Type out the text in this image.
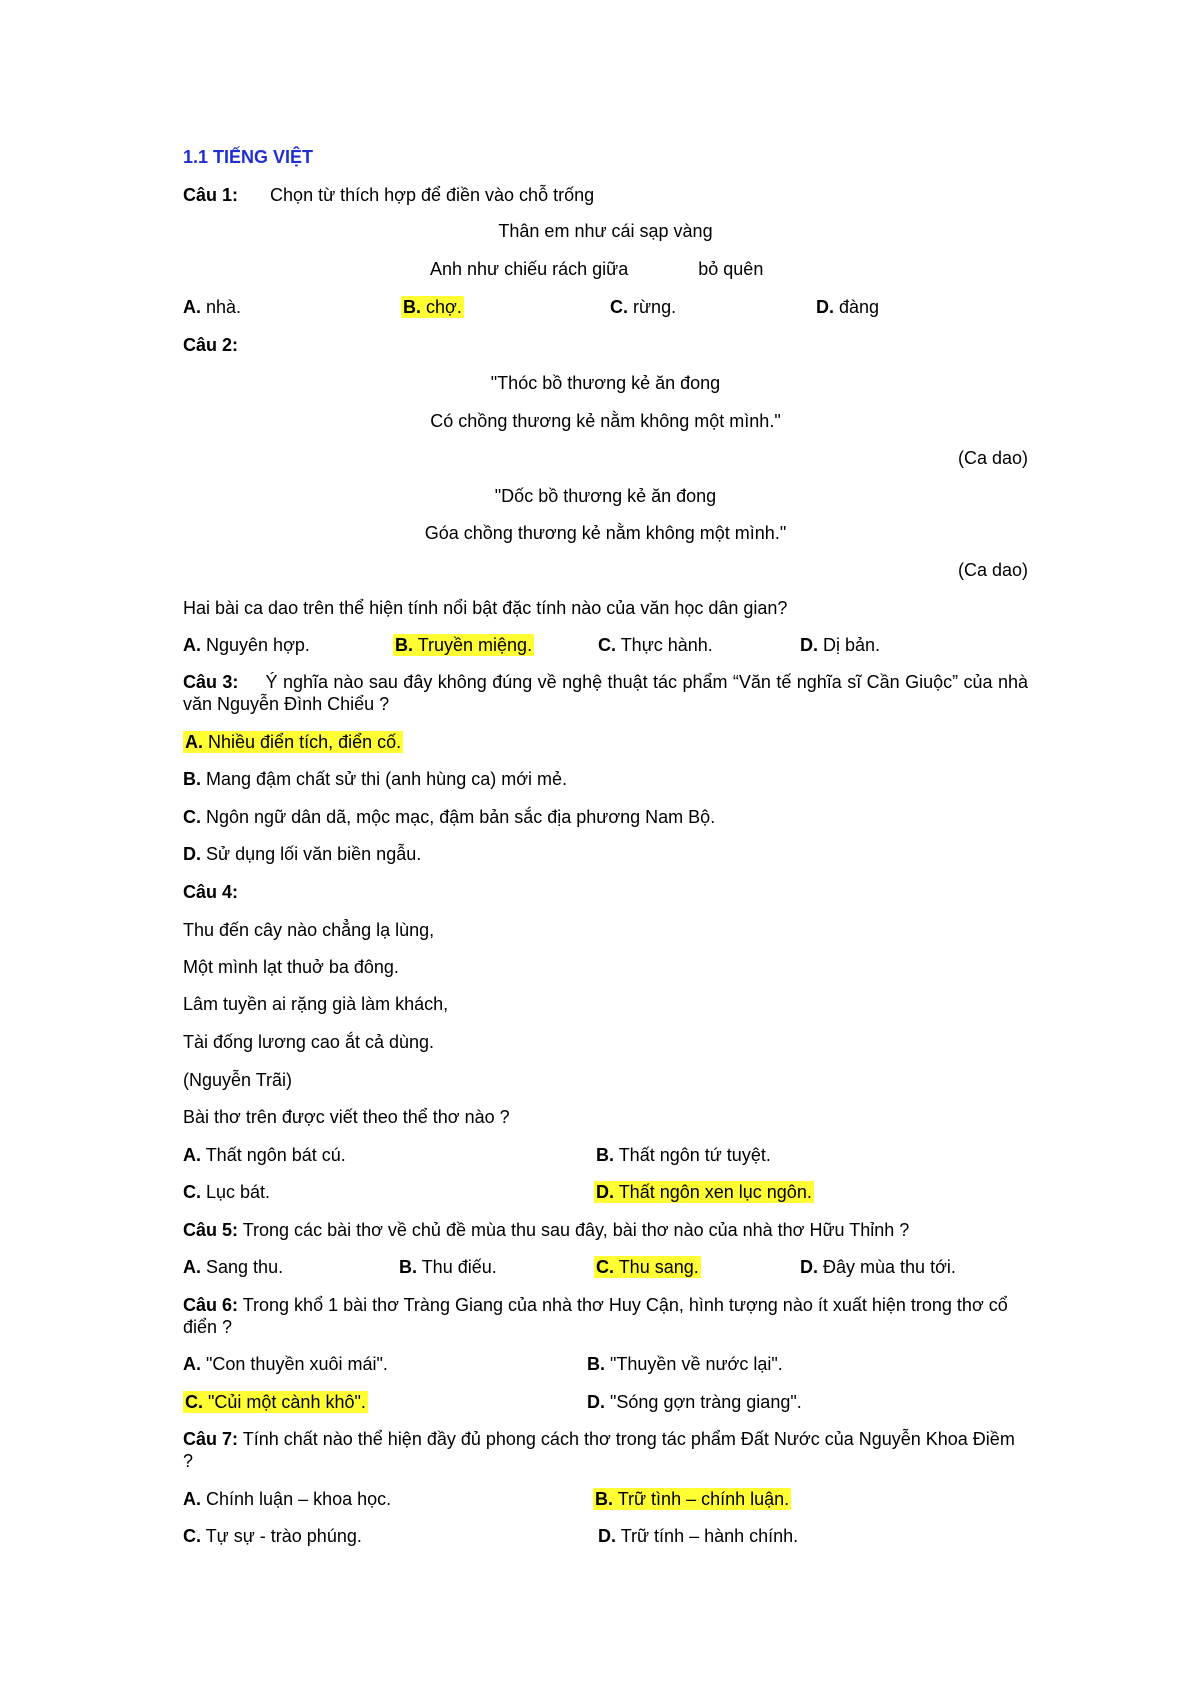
1.1 TIẾNG VIỆT
Câu 1: Chọn từ thích hợp để điền vào chỗ trống
Thân em như cái sạp vàng
Anh như chiếu rách giữa	bỏ quên
A. nhà.	B. chợ.	C. rừng.	D. đàng
Câu 2:
"Thóc bồ thương kẻ ăn đong
Có chồng thương kẻ nằm không một mình."
(Ca dao)
"Dốc bồ thương kẻ ăn đong
Góa chồng thương kẻ nằm không một mình."
(Ca dao)
Hai bài ca dao trên thể hiện tính nổi bật đặc tính nào của văn học dân gian?
A. Nguyên hợp.	B. Truyền miệng.	C. Thực hành.	D. Dị bản.
Câu 3: Ý nghĩa nào sau đây không đúng về nghệ thuật tác phẩm “Văn tế nghĩa sĩ Cần Giuộc” của nhà văn Nguyễn Đình Chiểu ?
A. Nhiều điển tích, điển cố.
B. Mang đậm chất sử thi (anh hùng ca) mới mẻ.
C. Ngôn ngữ dân dã, mộc mạc, đậm bản sắc địa phương Nam Bộ.
D. Sử dụng lối văn biền ngẫu.
Câu 4:
Thu đến cây nào chẳng lạ lùng,
Một mình lạt thuở ba đông.
Lâm tuyền ai rặng già làm khách,
Tài đống lương cao ắt cả dùng.
(Nguyễn Trãi)
Bài thơ trên được viết theo thể thơ nào ?
A. Thất ngôn bát cú.	B. Thất ngôn tứ tuyệt.
C. Lục bát.	D. Thất ngôn xen lục ngôn.
Câu 5: Trong các bài thơ về chủ đề mùa thu sau đây, bài thơ nào của nhà thơ Hữu Thỉnh ?
A. Sang thu.	B. Thu điếu.	C. Thu sang.	D. Đây mùa thu tới.
Câu 6: Trong khổ 1 bài thơ Tràng Giang của nhà thơ Huy Cận, hình tượng nào ít xuất hiện trong thơ cổ điển ?
A. "Con thuyền xuôi mái".	B. "Thuyền về nước lại".
C. "Củi một cành khô".	D. "Sóng gợn tràng giang".
Câu 7: Tính chất nào thể hiện đầy đủ phong cách thơ trong tác phẩm Đất Nước của Nguyễn Khoa Điềm ?
A. Chính luận – khoa học.	B. Trữ tình – chính luận.
C. Tự sự - trào phúng.	D. Trữ tính – hành chính.
